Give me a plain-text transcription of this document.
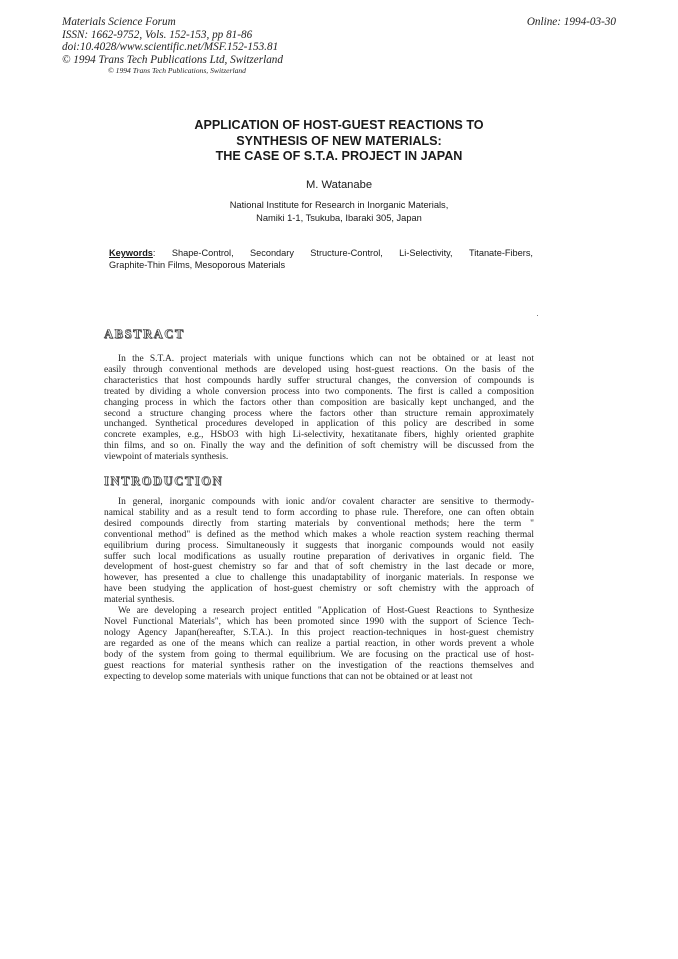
Materials Science Forum
ISSN: 1662-9752, Vols. 152-153, pp 81-86
doi:10.4028/www.scientific.net/MSF.152-153.81
© 1994 Trans Tech Publications Ltd, Switzerland
Online: 1994-03-30
© 1994 Trans Tech Publications, Switzerland
APPLICATION OF HOST-GUEST REACTIONS TO
SYNTHESIS OF NEW MATERIALS:
THE CASE OF S.T.A. PROJECT IN JAPAN
M. Watanabe
National Institute for Research in Inorganic Materials,
Namiki 1-1, Tsukuba, Ibaraki 305, Japan
Keywords: Shape-Control, Secondary Structure-Control, Li-Selectivity, Titanate-Fibers,
Graphite-Thin Films, Mesoporous Materials
ABSTRACT
In the S.T.A. project materials with unique functions which can not be obtained or at least not
easily through conventional methods are developed using host-guest reactions. On the basis of the
characteristics that host compounds hardly suffer structural changes, the conversion of compounds is
treated by dividing a whole conversion process into two components. The first is called a composition
changing process in which the factors other than composition are basically kept unchanged, and the
second a structure changing process where the factors other than structure remain approximately
unchanged. Synthetical procedures developed in application of this policy are described in some
concrete examples, e.g., HSbO3 with high Li-selectivity, hexatitanate fibers, highly oriented graphite
thin films, and so on. Finally the way and the definition of soft chemistry will be discussed from the
viewpoint of materials synthesis.
INTRODUCTION
In general, inorganic compounds with ionic and/or covalent character are sensitive to thermody-
namical stability and as a result tend to form according to phase rule. Therefore, one can often obtain
desired compounds directly from starting materials by conventional methods; here the term "
conventional method" is defined as the method which makes a whole reaction system reaching thermal
equilibrium during process. Simultaneously it suggests that inorganic compounds would not easily
suffer such local modifications as usually routine preparation of derivatives in organic field. The
development of host-guest chemistry so far and that of soft chemistry in the last decade or more,
however, has presented a clue to challenge this unadaptability of inorganic materials. In response we
have been studying the application of host-guest chemistry or soft chemistry with the approach of
material synthesis.
We are developing a research project entitled "Application of Host-Guest Reactions to Synthesize
Novel Functional Materials", which has been promoted since 1990 with the support of Science Tech-
nology Agency Japan(hereafter, S.T.A.). In this project reaction-techniques in host-guest chemistry
are regarded as one of the means which can realize a partial reaction, in other words prevent a whole
body of the system from going to thermal equilibrium. We are focusing on the practical use of host-
guest reactions for material synthesis rather on the investigation of the reactions themselves and
expecting to develop some materials with unique functions that can not be obtained or at least not
